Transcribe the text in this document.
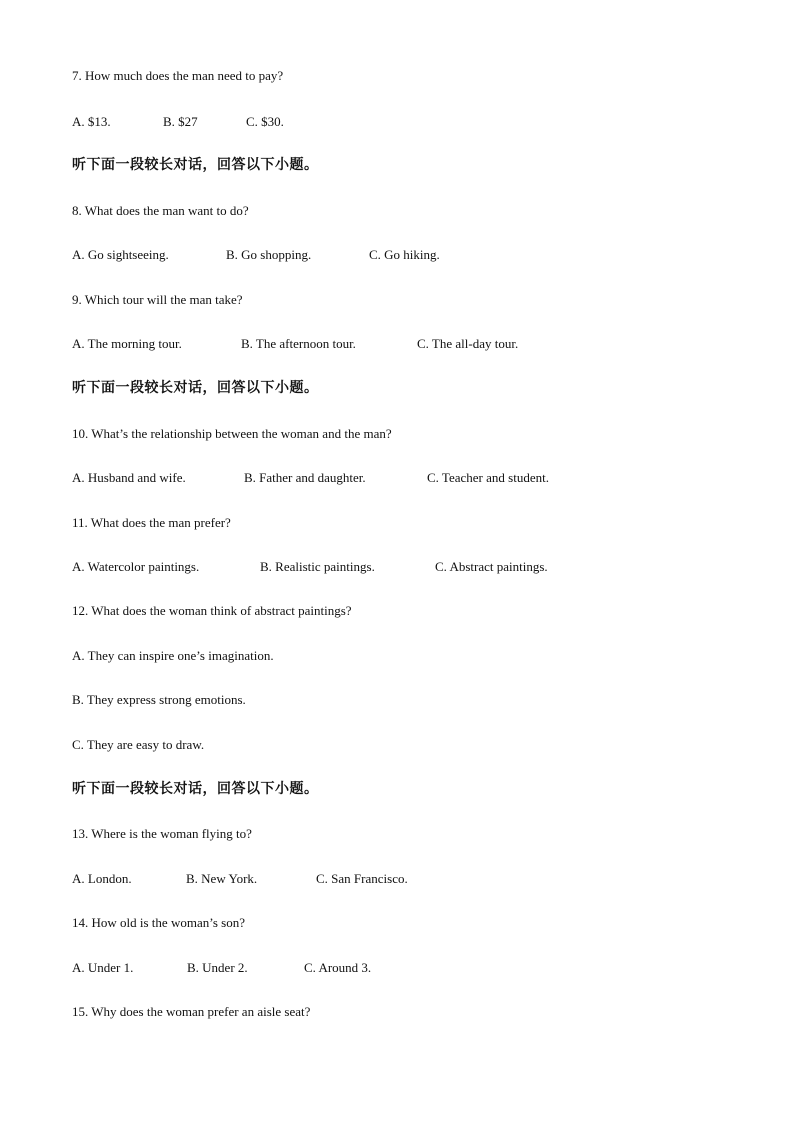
7. How much does the man need to pay?
A. $13.	B. $27	C. $30.
听下面一段较长对话，回答以下小题。
8. What does the man want to do?
A. Go sightseeing.	B. Go shopping.	C. Go hiking.
9. Which tour will the man take?
A. The morning tour.	B. The afternoon tour.	C. The all-day tour.
听下面一段较长对话，回答以下小题。
10. What’s the relationship between the woman and the man?
A. Husband and wife.	B. Father and daughter.	C. Teacher and student.
11. What does the man prefer?
A. Watercolor paintings.	B. Realistic paintings.	C. Abstract paintings.
12. What does the woman think of abstract paintings?
A. They can inspire one’s imagination.
B. They express strong emotions.
C. They are easy to draw.
听下面一段较长对话，回答以下小题。
13. Where is the woman flying to?
A. London.	B. New York.	C. San Francisco.
14. How old is the woman’s son?
A. Under 1.	B. Under 2.	C. Around 3.
15. Why does the woman prefer an aisle seat?
